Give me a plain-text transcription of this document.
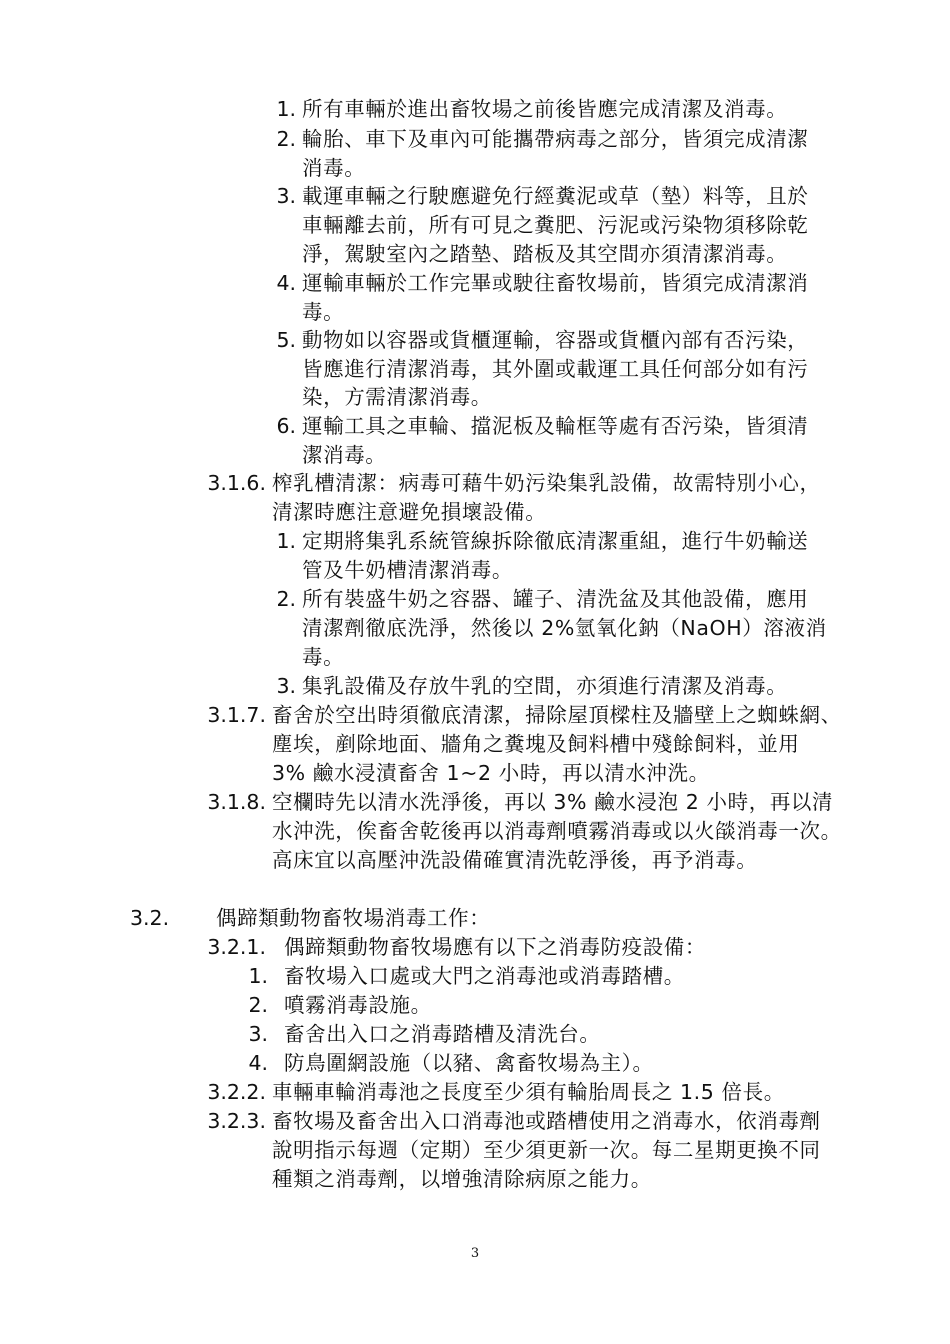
1. 所有車輛於進出畜牧場之前後皆應完成清潔及消毒。
2. 輪胎、車下及車內可能攜帶病毒之部分，皆須完成清潔
消毒。
3. 載運車輛之行駛應避免行經糞泥或草（墊）料等，且於
車輛離去前，所有可見之糞肥、污泥或污染物須移除乾
淨，駕駛室內之踏墊、踏板及其空間亦須清潔消毒。
4. 運輸車輛於工作完畢或駛往畜牧場前，皆須完成清潔消
毒。
5. 動物如以容器或貨櫃運輸，容器或貨櫃內部有否污染，
皆應進行清潔消毒，其外圍或載運工具任何部分如有污
染，方需清潔消毒。
6. 運輸工具之車輪、擋泥板及輪框等處有否污染，皆須清
潔消毒。
3.1.6. 榨乳槽清潔：病毒可藉牛奶污染集乳設備，故需特別小心，
清潔時應注意避免損壞設備。
1. 定期將集乳系統管線拆除徹底清潔重組，進行牛奶輸送
管及牛奶槽清潔消毒。
2. 所有裝盛牛奶之容器、罐子、清洗盆及其他設備，應用
清潔劑徹底洗淨，然後以 2%氫氧化鈉（NaOH）溶液消
毒。
3. 集乳設備及存放牛乳的空間，亦須進行清潔及消毒。
3.1.7. 畜舍於空出時須徹底清潔，掃除屋頂樑柱及牆壁上之蜘蛛網、
塵埃，剷除地面、牆角之糞塊及飼料槽中殘餘飼料，並用
3% 鹼水浸漬畜舍 1~2 小時，再以清水沖洗。
3.1.8. 空欄時先以清水洗淨後，再以 3% 鹼水浸泡 2 小時，再以清
水沖洗，俟畜舍乾後再以消毒劑噴霧消毒或以火燄消毒一次。
高床宜以高壓沖洗設備確實清洗乾淨後，再予消毒。
3.2.	偶蹄類動物畜牧場消毒工作：
3.2.1. 偶蹄類動物畜牧場應有以下之消毒防疫設備：
1. 畜牧場入口處或大門之消毒池或消毒踏槽。
2. 噴霧消毒設施。
3. 畜舍出入口之消毒踏槽及清洗台。
4. 防鳥圍網設施（以豬、禽畜牧場為主）。
3.2.2. 車輛車輪消毒池之長度至少須有輪胎周長之 1.5 倍長。
3.2.3. 畜牧場及畜舍出入口消毒池或踏槽使用之消毒水，依消毒劑
說明指示每週（定期）至少須更新一次。每二星期更換不同
種類之消毒劑，以增強清除病原之能力。
3
